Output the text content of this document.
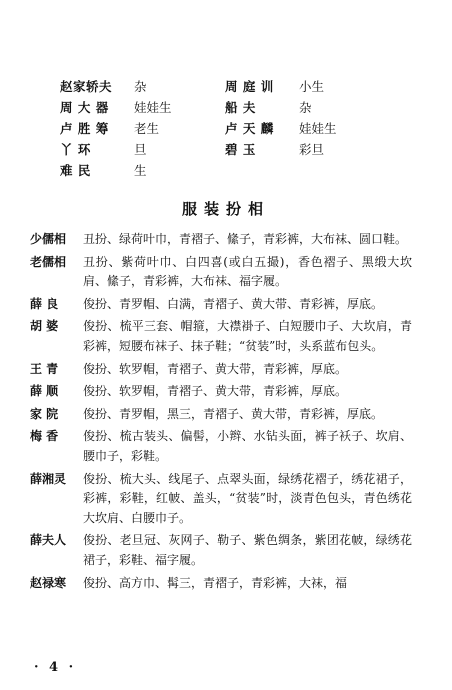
赵家轿夫	杂	周 庭 训	小生
周 大 器	娃娃生	船 夫	杂
卢 胜 筹	老生	卢 天 麟	娃娃生
丫 环	旦	碧 玉	彩旦
难 民	生
服装扮相
少儒相	丑扮、绿荷叶巾，青褶子、絛子，青彩裤，大布袜、圆口鞋。
老儒相	丑扮、紫荷叶巾、白四喜(或白五撮)，香色褶子、黑缎大坎肩、絛子，青彩裤，大布袜、福字履。
薛 良	俊扮、青罗帽、白满，青褶子、黄大带、青彩裤，厚底。
胡 婆	俊扮、梳平三套、帽箍，大襟褂子、白短腰巾子、大坎肩，青彩裤，短腰布袜子、抹子鞋；“贫装”时，头系蓝布包头。
王 青	俊扮、软罗帽，青褶子、黄大带，青彩裤，厚底。
薛 顺	俊扮、软罗帽，青褶子、黄大带，青彩裤，厚底。
家 院	俊扮、青罗帽，黑三，青褶子、黄大带，青彩裤，厚底。
梅 香	俊扮、梳古装头、偏髻，小辫、水钻头面，裤子袄子、坎肩、腰巾子，彩鞋。
薛湘灵	俊扮、梳大头、线尾子、点翠头面，绿绣花褶子，绣花裙子，彩裤，彩鞋，红帔、盖头，“贫装”时，淡青色包头，青色绣花大坎肩、白腰巾子。
薛夫人	俊扮、老旦冠、灰网子、勒子、紫色绸条，紫团花帔，绿绣花裙子，彩鞋、福字履。
赵禄寒	俊扮、高方巾、髯三，青褶子，青彩裤，大袜，福
· 4 ·
